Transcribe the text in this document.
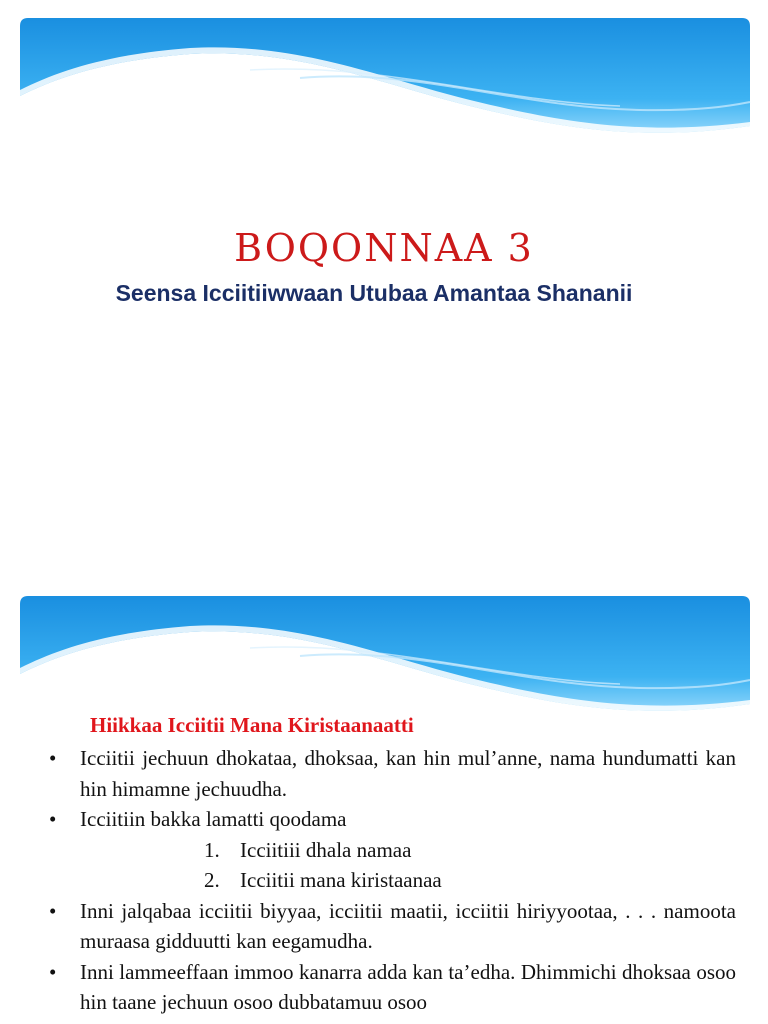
BOQONNAA 3
Seensa Icciitiiwwaan Utubaa Amantaa Shananii
Hiikkaa Icciitii Mana Kiristaanaatti
• Icciitii jechuun dhokataa, dhoksaa, kan hin mul’anne, nama hundumatti kan hin himamne jechuudha.
• Icciitiin bakka lamatti qoodama
1. Icciitiii dhala namaa
2. Icciitii mana kiristaanaa
• Inni jalqabaa icciitii biyyaa, icciitii maatii, icciitii hiriyyootaa, . . . namoota muraasa gidduutti kan eegamudha.
• Inni lammeeffaan immoo kanarra adda kan ta’edha. Dhimmichi dhoksaa osoo hin taane jechuun osoo dubbatamuu osoo
